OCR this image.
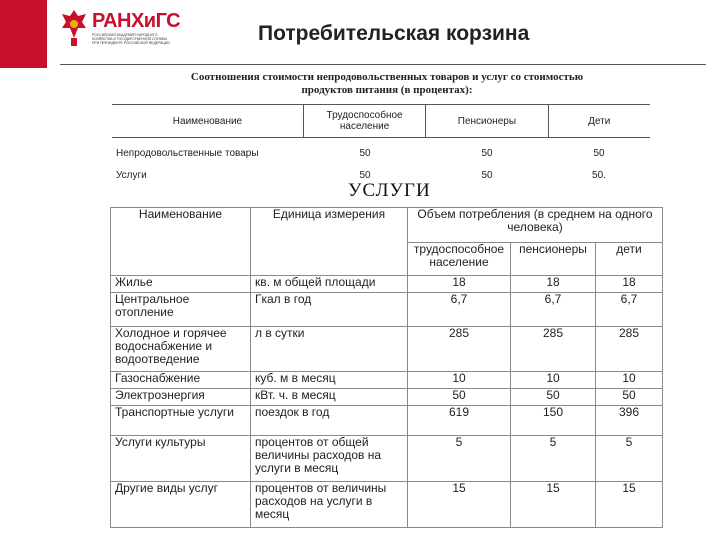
РАНХиГС
РОССИЙСКАЯ АКАДЕМИЯ НАРОДНОГО ХОЗЯЙСТВА И ГОСУДАРСТВЕННОЙ СЛУЖБЫ ПРИ ПРЕЗИДЕНТЕ РОССИЙСКОЙ ФЕДЕРАЦИИ	Потребительская корзина
Соотношения стоимости непродовольственных товаров и услуг со стоимостью
продуктов питания (в процентах):
Наименование	Трудоспособное население	Пенсионеры	Дети
Непродовольственные товары	50	50	50
Услуги	50	50	50.
УСЛУГИ
Наименование	Единица измерения	Объем потребления (в среднем на одного человека)		
		трудоспособное население	пенсионеры	дети
Жилье	кв. м общей площади	18	18	18
Центральное отопление	Гкал в год	6,7	6,7	6,7
Холодное и горячее водоснабжение и водоотведение	л в сутки	285	285	285
Газоснабжение	куб. м в месяц	10	10	10
Электроэнергия	кВт. ч. в месяц	50	50	50
Транспортные услуги	поездок в год	619	150	396
Услуги культуры	процентов от общей величины расходов на услуги в месяц	5	5	5
Другие виды услуг	процентов от величины расходов на услуги в месяц	15	15	15
